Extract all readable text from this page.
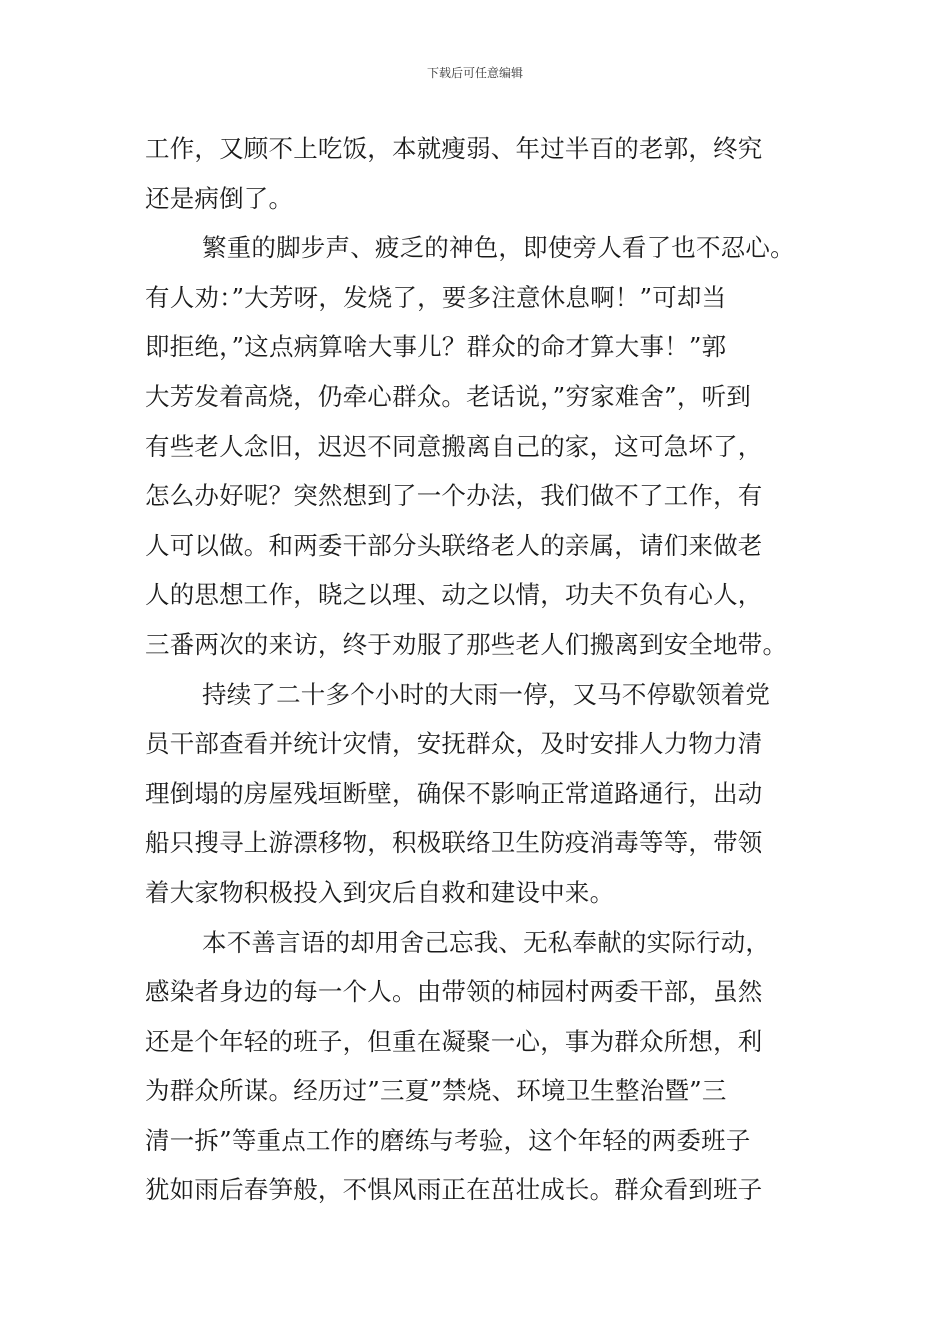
下载后可任意编辑
工作，又顾不上吃饭，本就瘦弱、年过半百的老郭，终究
还是病倒了。
繁重的脚步声、疲乏的神色，即使旁人看了也不忍心。
有人劝：”大芳呀，发烧了，要多注意休息啊！”可却当
即拒绝，”这点病算啥大事儿？群众的命才算大事！”郭
大芳发着高烧，仍牵心群众。老话说，”穷家难舍”，听到
有些老人念旧，迟迟不同意搬离自己的家，这可急坏了，
怎么办好呢？突然想到了一个办法，我们做不了工作，有
人可以做。和两委干部分头联络老人的亲属，请们来做老
人的思想工作，晓之以理、动之以情，功夫不负有心人，
三番两次的来访，终于劝服了那些老人们搬离到安全地带。
持续了二十多个小时的大雨一停，又马不停歇领着党
员干部查看并统计灾情，安抚群众，及时安排人力物力清
理倒塌的房屋残垣断壁，确保不影响正常道路通行，出动
船只搜寻上游漂移物，积极联络卫生防疫消毒等等，带领
着大家物积极投入到灾后自救和建设中来。
本不善言语的却用舍己忘我、无私奉献的实际行动，
感染者身边的每一个人。由带领的柿园村两委干部，虽然
还是个年轻的班子，但重在凝聚一心，事为群众所想，利
为群众所谋。经历过”三夏”禁烧、环境卫生整治暨”三
清一拆”等重点工作的磨练与考验，这个年轻的两委班子
犹如雨后春笋般，不惧风雨正在茁壮成长。群众看到班子
